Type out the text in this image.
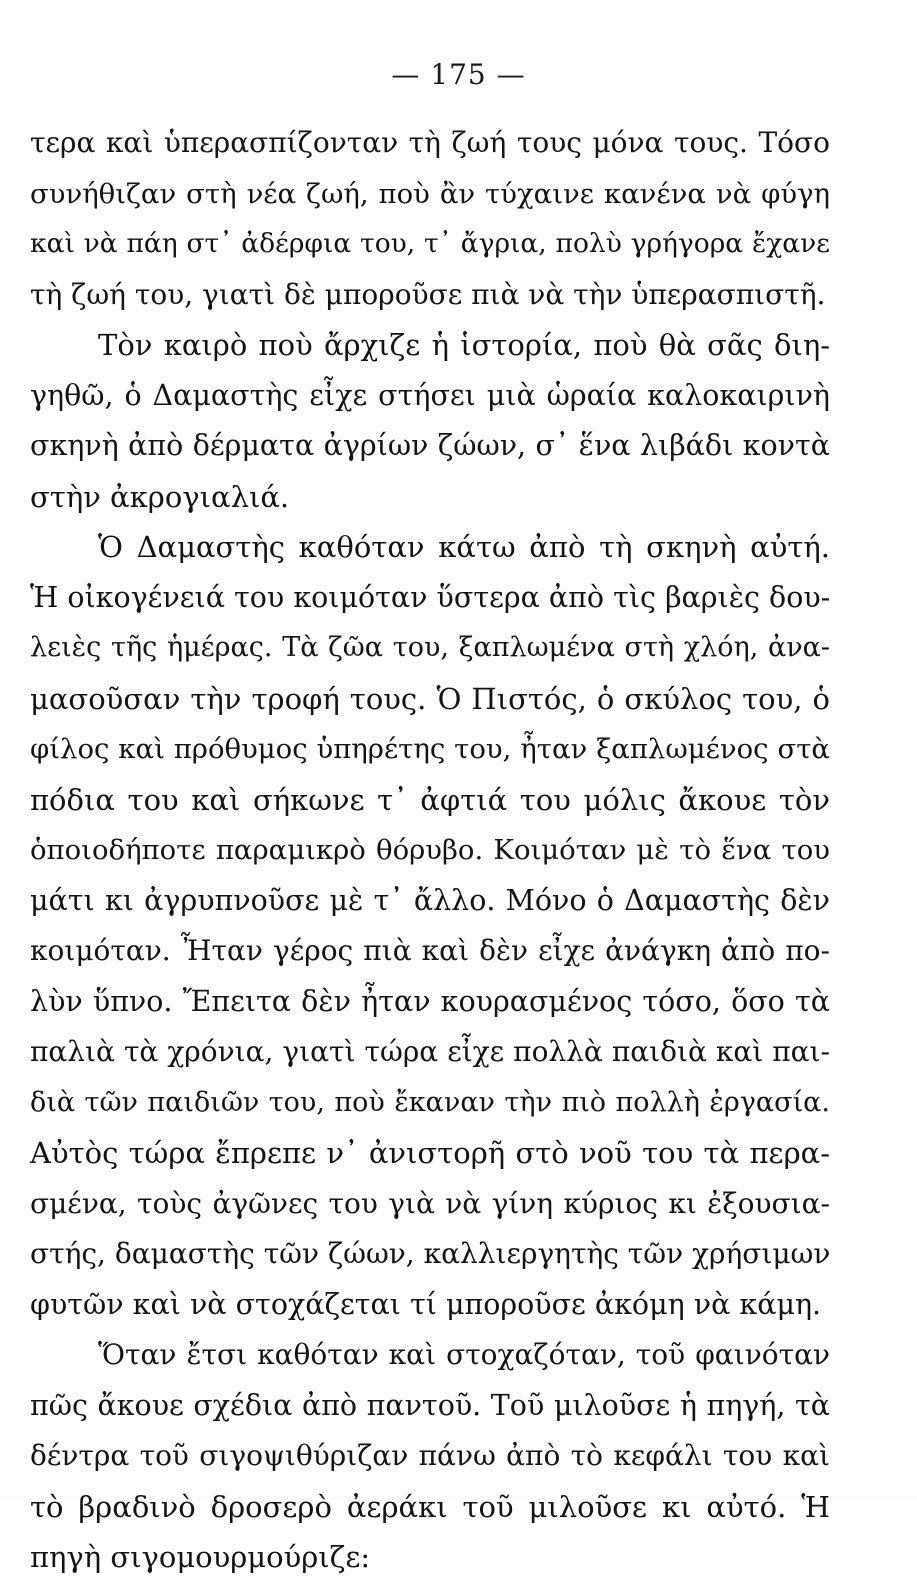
— 175 —
τερα καὶ ὑπερασπίζονταν τὴ ζωή τους μόνα τους. Τόσο
συνήθιζαν στὴ νέα ζωή, ποὺ ἂν τύχαινε κανένα νὰ φύγη
καὶ νὰ πάη στ᾿ ἀδέρφια του, τ᾿ ἄγρια, πολὺ γρήγορα ἔχανε
τὴ ζωή του, γιατὶ δὲ μποροῦσε πιὰ νὰ τὴν ὑπερασπιστῆ.
Τὸν καιρὸ ποὺ ἄρχιζε ἡ ἱστορία, ποὺ θὰ σᾶς διη-
γηθῶ, ὁ Δαμαστὴς εἶχε στήσει μιὰ ὡραία καλοκαιρινὴ
σκηνὴ ἀπὸ δέρματα ἀγρίων ζώων, σ᾿ ἕνα λιβάδι κοντὰ
στὴν ἀκρογιαλιά.
Ὁ Δαμαστὴς καθόταν κάτω ἀπὸ τὴ σκηνὴ αὐτή.
Ἡ οἰκογένειά του κοιμόταν ὕστερα ἀπὸ τὶς βαριὲς δου-
λειὲς τῆς ἡμέρας. Τὰ ζῶα του, ξαπλωμένα στὴ χλόη, ἀνα-
μασοῦσαν τὴν τροφή τους. Ὁ Πιστός, ὁ σκύλος του, ὁ
φίλος καὶ πρόθυμος ὑπηρέτης του, ἦταν ξαπλωμένος στὰ
πόδια του καὶ σήκωνε τ᾿ ἀφτιά του μόλις ἄκουε τὸν
ὁποιοδήποτε παραμικρὸ θόρυβο. Κοιμόταν μὲ τὸ ἕνα του
μάτι κι ἀγρυπνοῦσε μὲ τ᾿ ἄλλο. Μόνο ὁ Δαμαστὴς δὲν
κοιμόταν. Ἦταν γέρος πιὰ καὶ δὲν εἶχε ἀνάγκη ἀπὸ πο-
λὺν ὕπνο. Ἔπειτα δὲν ἦταν κουρασμένος τόσο, ὅσο τὰ
παλιὰ τὰ χρόνια, γιατὶ τώρα εἶχε πολλὰ παιδιὰ καὶ παι-
διὰ τῶν παιδιῶν του, ποὺ ἔκαναν τὴν πιὸ πολλὴ ἐργασία.
Αὐτὸς τώρα ἔπρεπε ν᾿ ἀνιστορῆ στὸ νοῦ του τὰ περα-
σμένα, τοὺς ἀγῶνες του γιὰ νὰ γίνη κύριος κι ἐξουσια-
στής, δαμαστὴς τῶν ζώων, καλλιεργητὴς τῶν χρήσιμων
φυτῶν καὶ νὰ στοχάζεται τί μποροῦσε ἀκόμη νὰ κάμη.
Ὅταν ἔτσι καθόταν καὶ στοχαζόταν, τοῦ φαινόταν
πῶς ἄκουε σχέδια ἀπὸ παντοῦ. Τοῦ μιλοῦσε ἡ πηγή, τὰ
δέντρα τοῦ σιγοψιθύριζαν πάνω ἀπὸ τὸ κεφάλι του καὶ
τὸ βραδινὸ δροσερὸ ἀεράκι τοῦ μιλοῦσε κι αὐτό. Ἡ
πηγὴ σιγομουρμούριζε:
